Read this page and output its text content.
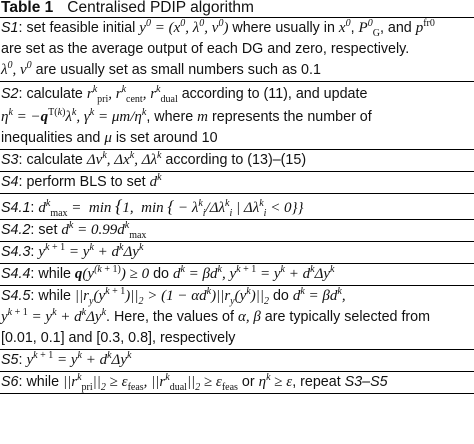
Table 1 Centralised PDIP algorithm
S1: set feasible initial $y^0 = (x^0$, $\lambda^0$, $\nu^0$) where usually in $x^0$, $P^0_G$, and $p^{fr0}$
are set as the average output of each DG and zero, respectively.
$\lambda^0$, $\nu^0$ are usually set as small numbers such as 0.1
S2: calculate $r^k_{pri}$, $r^k_{cent}$, $r^k_{dual}$ according to (11), and update
$\eta^k = -q^{T(k)}\lambda^k$, $\gamma^k = \mu m/\eta^k$, where m represents the number of
inequalities and μ is set around 10
S3: calculate $\Delta\nu^k$, $\Delta x^k$, $\Delta\lambda^k$ according to (13)–(15)
S4: perform BLS to set $d^k$
S4.1: $d^k_{max} = \min \{1$,  min { − $\lambda^k_i/\Delta\lambda^k_i$ | $\Delta\lambda^k_i < 0$}}
S4.2: set $d^k = 0.99d^k_{max}$
S4.3: $y^{k + 1} = y^k + d^k\Delta y^k$
S4.4: while $q(y^{(k + 1)}) \ge 0$ do $d^k = \beta d^k$, $y^{k + 1} = y^k + d^k\Delta y^k$
S4.5: while $||r_y(y^{k + 1})||_2 > (1 - \alpha d^k)||r_y(y^k)||_2$ do $d^k = \beta d^k$,
$y^{k + 1} = y^k + d^k\Delta y^k$. Here, the values of α, β are typically selected from
[0.01, 0.1] and [0.3, 0.8], respectively
S5: $y^{k + 1} = y^k + d^k\Delta y^k$
S6: while $||r^k_{pri}||_2 \ge \varepsilon_{feas}$, $||r^k_{dual}||_2 \ge \varepsilon_{feas}$ or $\eta^k \ge \varepsilon$, repeat S3–S5
